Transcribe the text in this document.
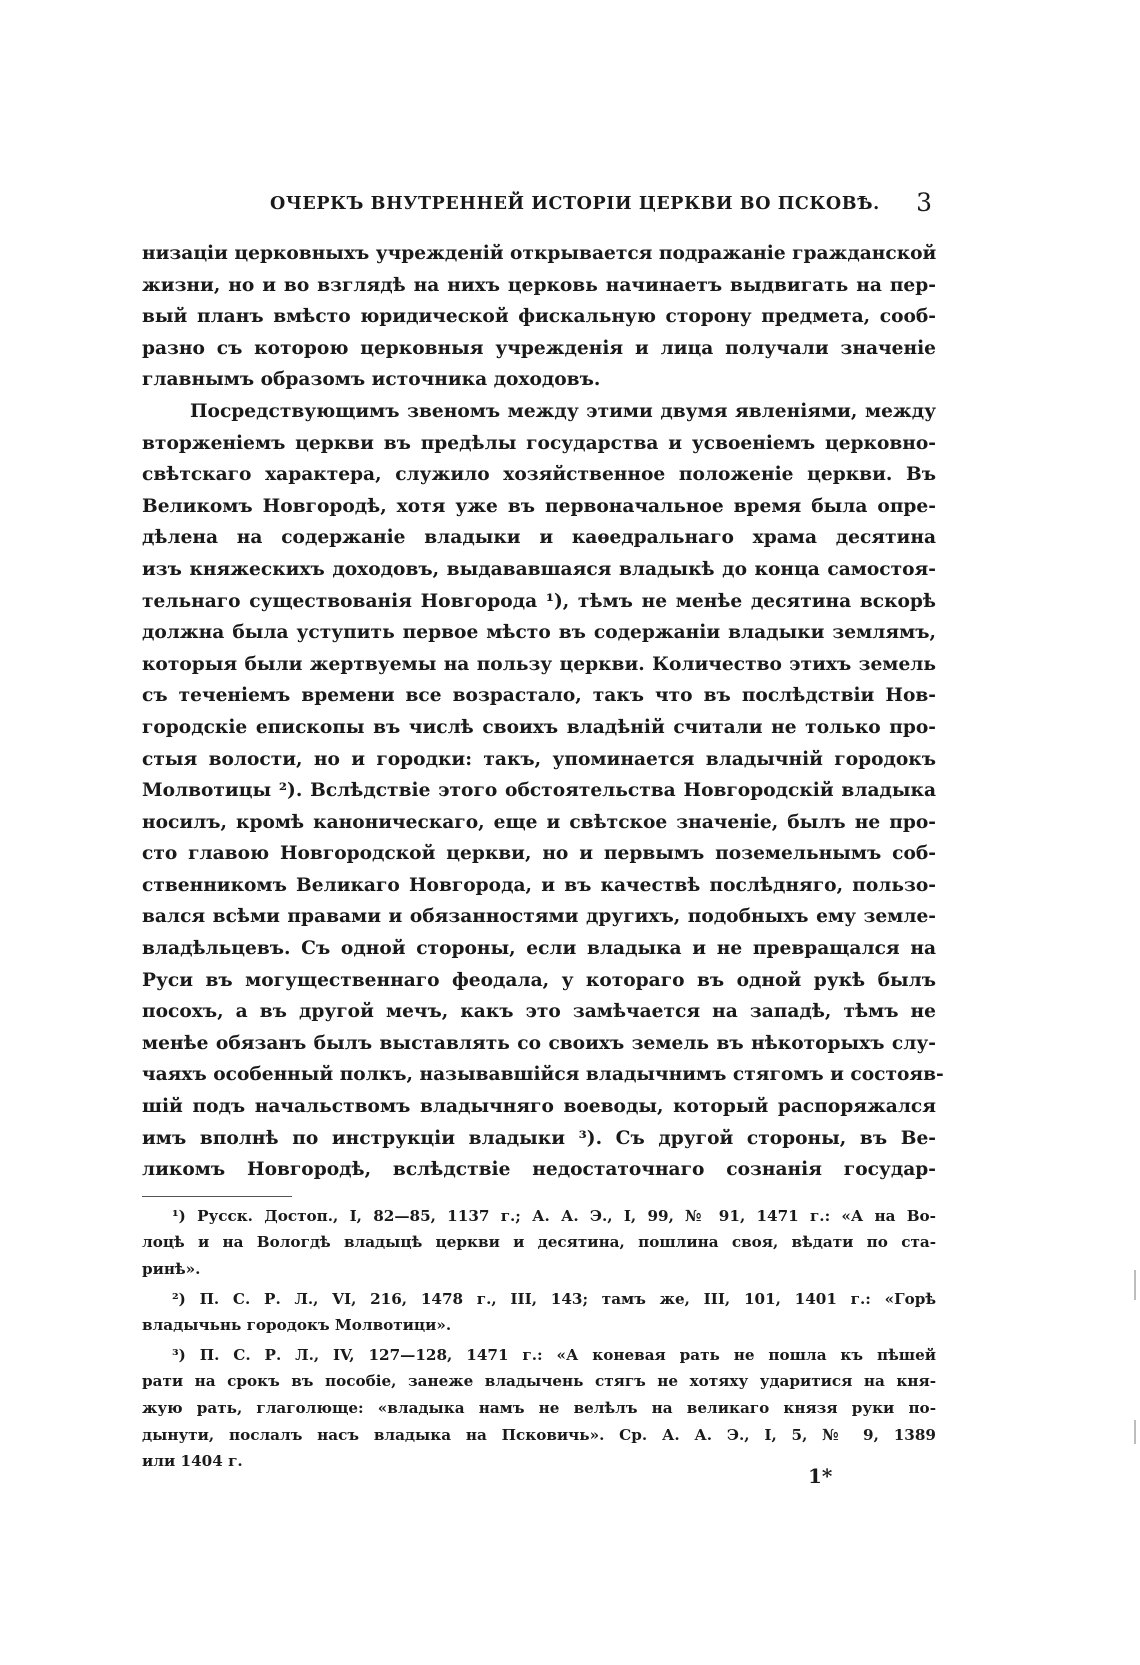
ОЧЕРКЪ ВНУТРЕННЕЙ ИСТОРІИ ЦЕРКВИ ВО ПСКОВѢ. 3
низаціи церковныхъ учрежденій открывается подражаніе гражданской
жизни, но и во взглядѣ на нихъ церковь начинаетъ выдвигать на пер-
вый планъ вмѣсто юридической фискальную сторону предмета, сооб-
разно съ которою церковныя учрежденія и лица получали значеніе
главнымъ образомъ источника доходовъ.
Посредствующимъ звеномъ между этими двумя явленіями, между
вторженіемъ церкви въ предѣлы государства и усвоеніемъ церковно-
свѣтскаго характера, служило хозяйственное положеніе церкви. Въ
Великомъ Новгородѣ, хотя уже въ первоначальное время была опре-
дѣлена на содержаніе владыки и каѳедральнаго храма десятина
изъ княжескихъ доходовъ, выдававшаяся владыкѣ до конца самостоя-
тельнаго существованія Новгорода ¹), тѣмъ не менѣе десятина вскорѣ
должна была уступить первое мѣсто въ содержаніи владыки землямъ,
которыя были жертвуемы на пользу церкви. Количество этихъ земель
съ теченіемъ времени все возрастало, такъ что въ послѣдствіи Нов-
городскіе епископы въ числѣ своихъ владѣній считали не только про-
стыя волости, но и городки: такъ, упоминается владычній городокъ
Молвотицы ²). Вслѣдствіе этого обстоятельства Новгородскій владыка
носилъ, кромѣ каноническаго, еще и свѣтское значеніе, былъ не про-
сто главою Новгородской церкви, но и первымъ поземельнымъ соб-
ственникомъ Великаго Новгорода, и въ качествѣ послѣдняго, пользо-
вался всѣми правами и обязанностями другихъ, подобныхъ ему земле-
владѣльцевъ. Съ одной стороны, если владыка и не превращался на
Руси въ могущественнаго феодала, у котораго въ одной рукѣ былъ
посохъ, а въ другой мечъ, какъ это замѣчается на западѣ, тѣмъ не
менѣе обязанъ былъ выставлять со своихъ земель въ нѣкоторыхъ слу-
чаяхъ особенный полкъ, называвшійся владычнимъ стягомъ и состояв-
шій подъ начальствомъ владычняго воеводы, который распоряжался
имъ вполнѣ по инструкціи владыки ³). Съ другой стороны, въ Ве-
ликомъ Новгородѣ, вслѣдствіе недостаточнаго сознанія государ-
¹) Русск. Достоп., I, 82—85, 1137 г.; А. А. Э., I, 99, № 91, 1471 г.: «А на Во-
лоцѣ и на Вологдѣ владыцѣ церкви и десятина, пошлина своя, вѣдати по ста-
ринѣ».
²) П. С. Р. Л., VI, 216, 1478 г., III, 143; тамъ же, III, 101, 1401 г.: «Горѣ
владычьнь городокъ Молвотици».
³) П. С. Р. Л., IV, 127—128, 1471 г.: «А коневая рать не пошла къ пѣшей
рати на срокъ въ пособіе, занеже владычень стягъ не хотяху ударитися на кня-
жую рать, глаголюще: «владыка намъ не велѣлъ на великаго князя руки по-
дынути, послалъ насъ владыка на Псковичь». Ср. А. А. Э., I, 5, № 9, 1389
или 1404 г.
1*
